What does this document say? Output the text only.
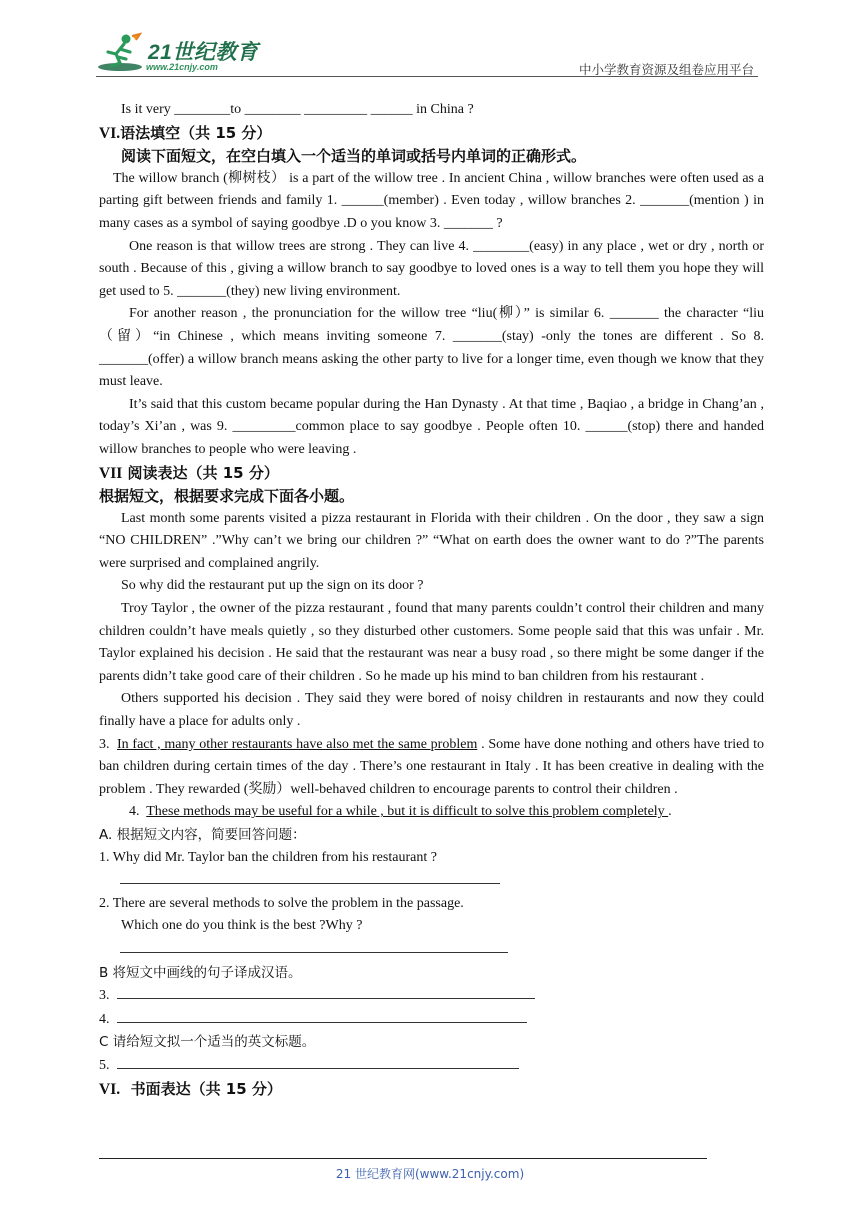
21世纪教育
www.21cnjy.com	中小学教育资源及组卷应用平台

Is it very ________to ________ _________ ______ in China ?

VI.语法填空（共 15 分）

阅读下面短文，在空白填入一个适当的单词或括号内单词的正确形式。

The willow branch (柳树枝） is a part of the willow tree . In ancient China , willow branches were often used as a parting gift between friends and family 1. ______(member) . Even today , willow branches 2. _______(mention ) in many cases as a symbol of saying goodbye .D o you know 3. _______ ?

One reason is that willow trees are strong . They can live 4. ________(easy) in any place , wet or dry , north or south . Because of this , giving a willow branch to say goodbye to loved ones is a way to tell them you hope they will get used to 5. _______(they) new living environment.

For another reason , the pronunciation for the willow tree “liu(柳）” is similar 6. _______ the character “liu（留）“in Chinese , which means inviting someone 7. _______(stay) -only the tones are different . So 8. _______(offer) a willow branch means asking the other party to live for a longer time, even though we know that they must leave.

It’s said that this custom became popular during the Han Dynasty . At that time , Baqiao , a bridge in Chang’an , today’s Xi’an , was 9. _________common place to say goodbye . People often 10. ______(stop) there and handed willow branches to people who were leaving .

VII 阅读表达（共 15 分）

根据短文，根据要求完成下面各小题。

Last month some parents visited a pizza restaurant in Florida with their children . On the door , they saw a sign “NO CHILDREN” .”Why can’t we bring our children ?” “What on earth does the owner want to do ?”The parents were surprised and complained angrily.

So why did the restaurant put up the sign on its door ?

Troy Taylor , the owner of the pizza restaurant , found that many parents couldn’t control their children and many children couldn’t have meals quietly , so they disturbed other customers. Some people said that this was unfair . Mr. Taylor explained his decision . He said that the restaurant was near a busy road , so there might be some danger if the parents didn’t take good care of their children . So he made up his mind to ban children from his restaurant .

Others supported his decision . They said they were bored of noisy children in restaurants and now they could finally have a place for adults only .

3. In fact , many other restaurants have also met the same problem . Some have done nothing and others have tried to ban children during certain times of the day . There’s one restaurant in Italy . It has been creative in dealing with the problem . They rewarded (奖励）well-behaved children to encourage parents to control their children .

4. These methods may be useful for a while , but it is difficult to solve this problem completely .

A. 根据短文内容，简要回答问题：

1. Why did Mr. Taylor ban the children from his restaurant ?

2. There are several methods to solve the problem in the passage.

Which one do you think is the best ?Why ?

B 将短文中画线的句子译成汉语。

3.

4.

C 请给短文拟一个适当的英文标题。

5.

VI. 书面表达（共 15 分）

21 世纪教育网(www.21cnjy.com)
